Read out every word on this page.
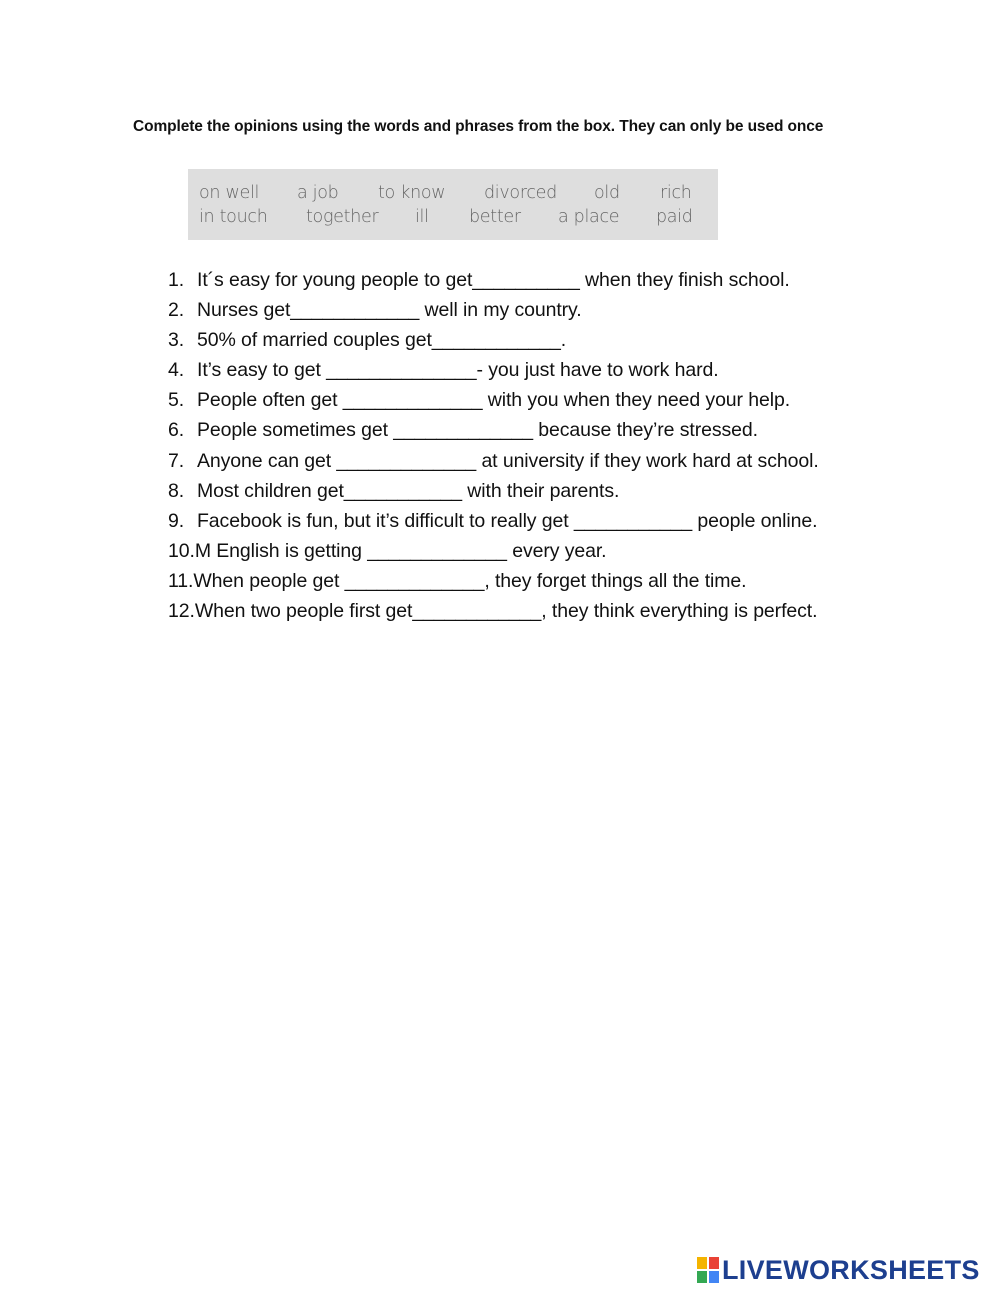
Complete the opinions using the words and phrases from the box. They can only be used once
on well a job to know divorced old rich
in touch together ill better a place paid
1. It´s easy for young people to get__________ when they finish school.
2. Nurses get____________ well in my country.
3. 50% of married couples get____________.
4. It’s easy to get ______________- you just have to work hard.
5. People often get _____________ with you when they need your help.
6. People sometimes get _____________ because they’re stressed.
7. Anyone can get _____________ at university if they work hard at school.
8. Most children get___________ with their parents.
9. Facebook is fun, but it’s difficult to really get ___________ people online.
10.M English is getting _____________ every year.
11.When people get _____________, they forget things all the time.
12.When two people first get____________, they think everything is perfect.
LIVEWORKSHEETS
